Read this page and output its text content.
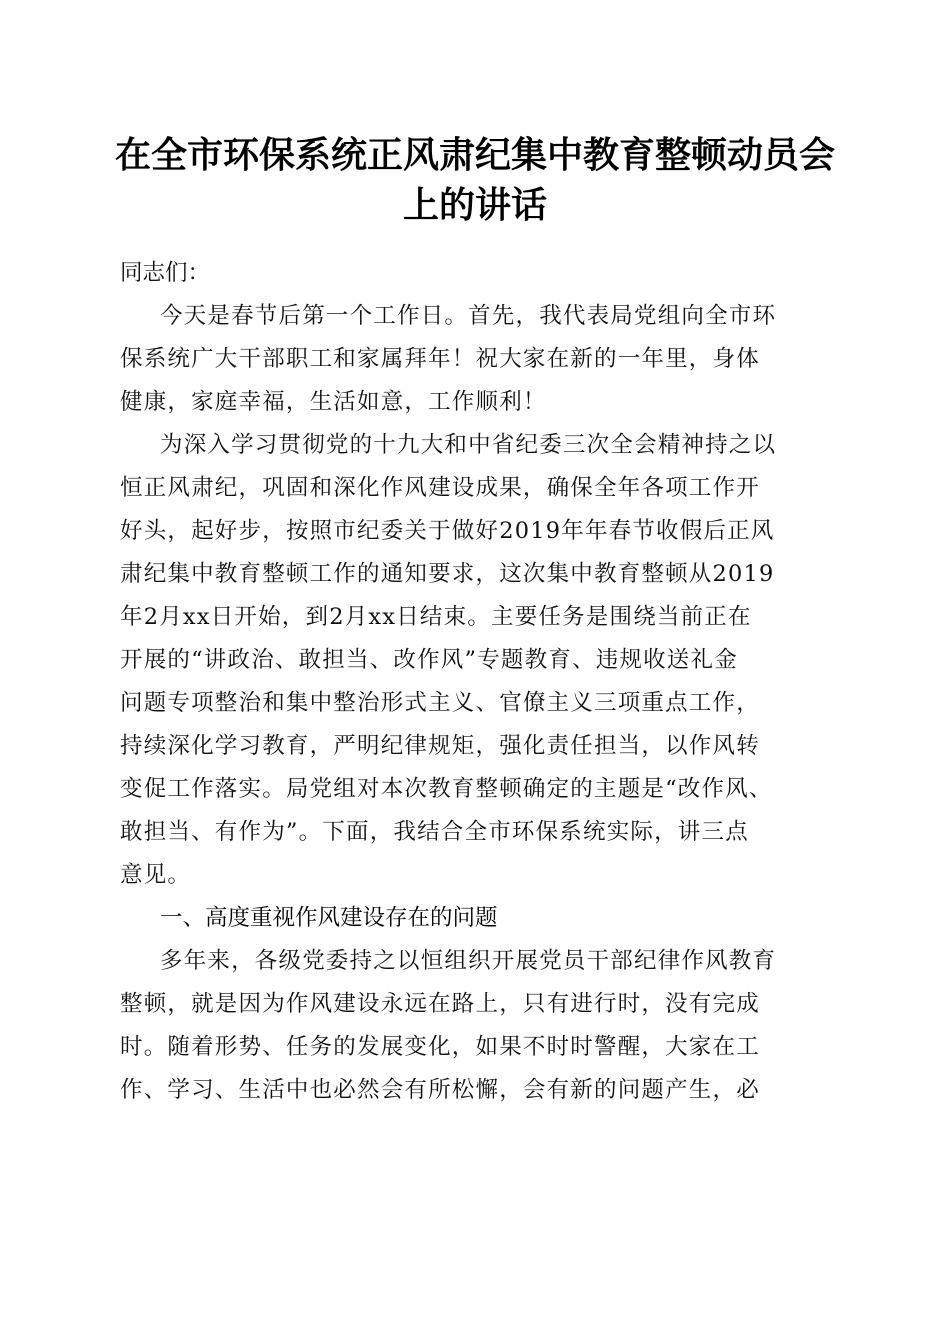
在全市环保系统正风肃纪集中教育整顿动员会
上的讲话

同志们：

今天是春节后第一个工作日。首先，我代表局党组向全市环
保系统广大干部职工和家属拜年！祝大家在新的一年里，身体
健康，家庭幸福，生活如意，工作顺利！

为深入学习贯彻党的十九大和中省纪委三次全会精神持之以
恒正风肃纪，巩固和深化作风建设成果，确保全年各项工作开
好头，起好步，按照市纪委关于做好2019年年春节收假后正风
肃纪集中教育整顿工作的通知要求，这次集中教育整顿从2019
年2月xx日开始，到2月xx日结束。主要任务是围绕当前正在
开展的“讲政治、敢担当、改作风”专题教育、违规收送礼金
问题专项整治和集中整治形式主义、官僚主义三项重点工作，
持续深化学习教育，严明纪律规矩，强化责任担当，以作风转
变促工作落实。局党组对本次教育整顿确定的主题是“改作风、
敢担当、有作为”。下面，我结合全市环保系统实际，讲三点
意见。

一、高度重视作风建设存在的问题

多年来，各级党委持之以恒组织开展党员干部纪律作风教育
整顿，就是因为作风建设永远在路上，只有进行时，没有完成
时。随着形势、任务的发展变化，如果不时时警醒，大家在工
作、学习、生活中也必然会有所松懈，会有新的问题产生，必
